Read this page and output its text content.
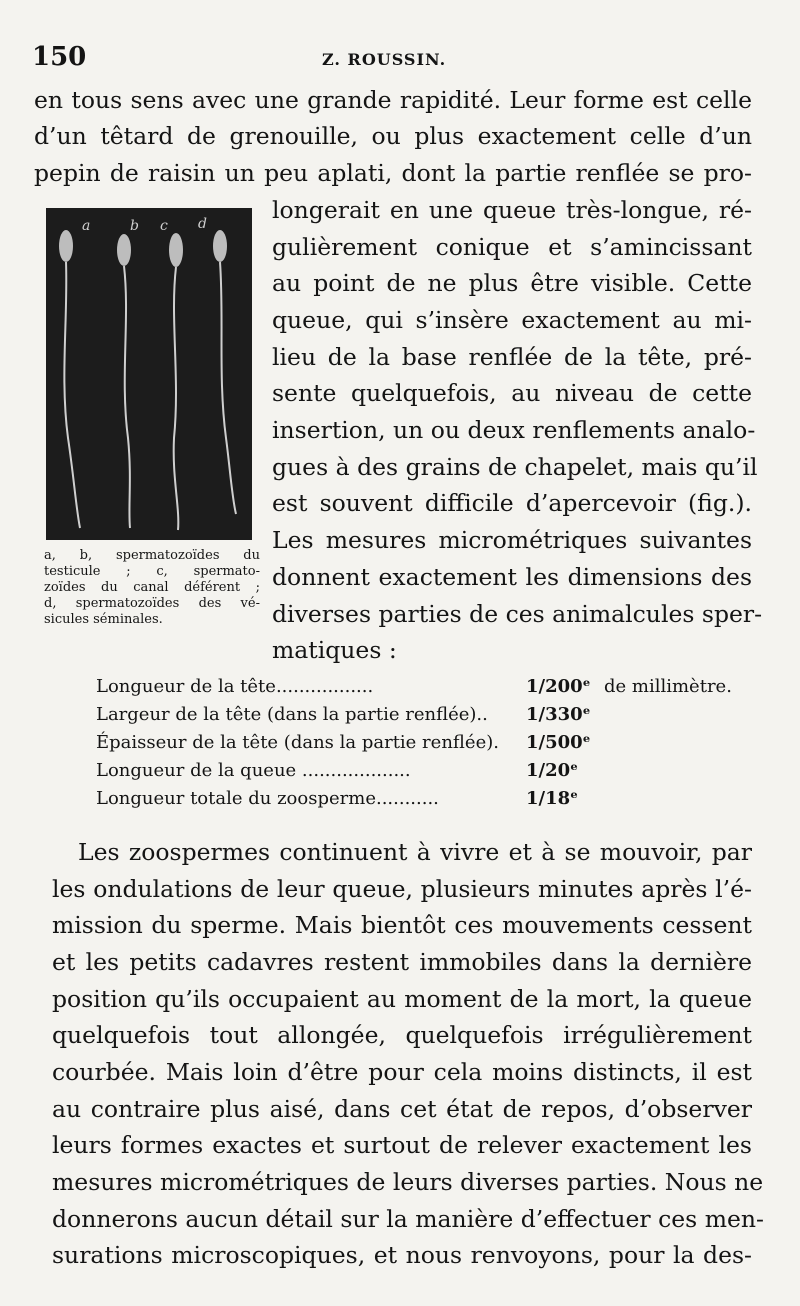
150	Z. ROUSSIN.
en tous sens avec une grande rapidité. Leur forme est celle
d’un têtard de grenouille, ou plus exactement celle d’un
pepin de raisin un peu aplati, dont la partie renflée se pro-
a	b c d
a, b, spermatozoïdes du
testicule ; c, spermato-
zoïdes du canal déférent ;
d, spermatozoïdes des vé-
sicules séminales.
longerait en une queue très-longue, ré-
gulièrement conique et s’amincissant
au point de ne plus être visible. Cette
queue, qui s’insère exactement au mi-
lieu de la base renflée de la tête, pré-
sente quelquefois, au niveau de cette
insertion, un ou deux renflements analo-
gues à des grains de chapelet, mais qu’il
est souvent difficile d’apercevoir (fig.).
Les mesures micrométriques suivantes
donnent exactement les dimensions des
diverses parties de ces animalcules sper-
matiques :
Longueur de la tête.................	1/200ᵉ de millimètre.
Largeur de la tête (dans la partie renflée).. 1/330ᵉ
Épaisseur de la tête (dans la partie renflée). 1/500ᵉ
Longueur de la queue ...................	1/20ᵉ
Longueur totale du zoosperme...........	1/18ᵉ
Les zoospermes continuent à vivre et à se mouvoir, par
les ondulations de leur queue, plusieurs minutes après l’é-
mission du sperme. Mais bientôt ces mouvements cessent
et les petits cadavres restent immobiles dans la dernière
position qu’ils occupaient au moment de la mort, la queue
quelquefois tout allongée, quelquefois irrégulièrement
courbée. Mais loin d’être pour cela moins distincts, il est
au contraire plus aisé, dans cet état de repos, d’observer
leurs formes exactes et surtout de relever exactement les
mesures micrométriques de leurs diverses parties. Nous ne
donnerons aucun détail sur la manière d’effectuer ces men-
surations microscopiques, et nous renvoyons, pour la des-
